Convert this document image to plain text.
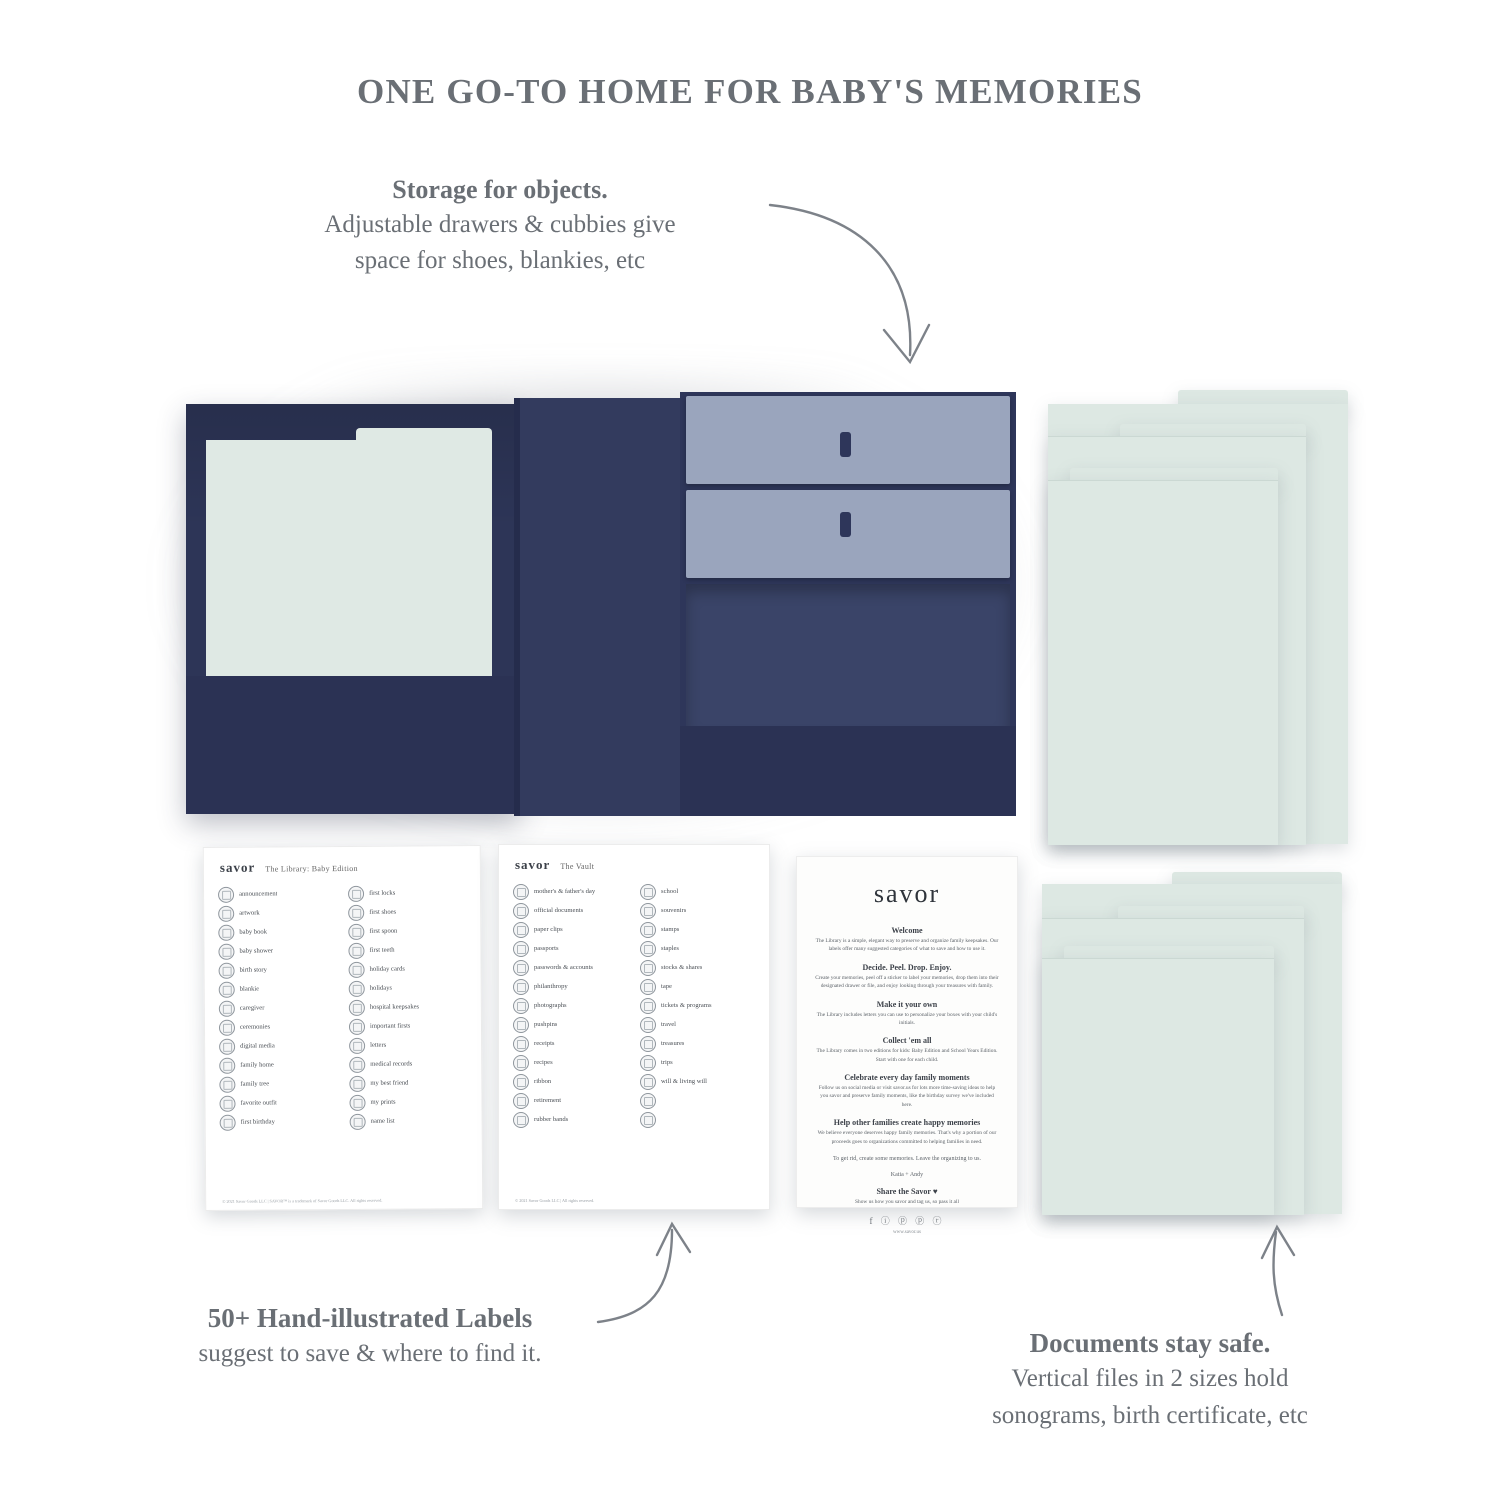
ONE GO-TO HOME FOR BABY'S MEMORIES
savor The Library: Baby Edition
announcement
artwork
baby book
baby shower
birth story
blankie
caregiver
ceremonies
digital media
family home
family tree
favorite outfit
first birthday
first locks
first shoes
first spoon
first teeth
holiday cards
holidays
hospital keepsakes
important firsts
letters
medical records
my best friend
my prints
name list
© 2021 Savor Goods LLC | SAVOR™ is a trademark of Savor Goods LLC. All rights reserved.
savor The Vault
mother's & father's day
official documents
paper clips
passports
passwords & accounts
philanthropy
photographs
pushpins
receipts
recipes
ribbon
retirement
rubber bands
school
souvenirs
stamps
staples
stocks & shares
tape
tickets & programs
travel
treasures
trips
will & living will
© 2021 Savor Goods LLC | All rights reserved.
savor
Welcome
The Library is a simple, elegant way to preserve and organize family keepsakes. Our labels offer many suggested categories of what to save and how to use it.
Decide. Peel. Drop. Enjoy.
Create your memories, peel off a sticker to label your memories, drop them into their designated drawer or file, and enjoy looking through your treasures with family.
Make it your own
The Library includes letters you can use to personalize your boxes with your child's initials.
Collect 'em all
The Library comes in two editions for kids: Baby Edition and School Years Edition. Start with one for each child.
Celebrate every day family moments
Follow us on social media or visit savor.us for lots more time-saving ideas to help you savor and preserve family moments, like the birthday survey we've included here.
Help other families create happy memories
We believe everyone deserves happy family memories. That's why a portion of our proceeds goes to organizations committed to helping families in need.
To get rid, create some memories. Leave the organizing to us.
Katia + Andy
Share the Savor ♥
Show us how you savor and tag us, so pass it all
f ⓘ ⓟ ⓟ ⓡ
www.savor.us
Storage for objects.
Adjustable drawers & cubbies give
space for shoes, blankies, etc
50+ Hand-illustrated Labels
suggest to save & where to find it.	Documents stay safe.
Vertical files in 2 sizes hold
sonograms, birth certificate, etc
